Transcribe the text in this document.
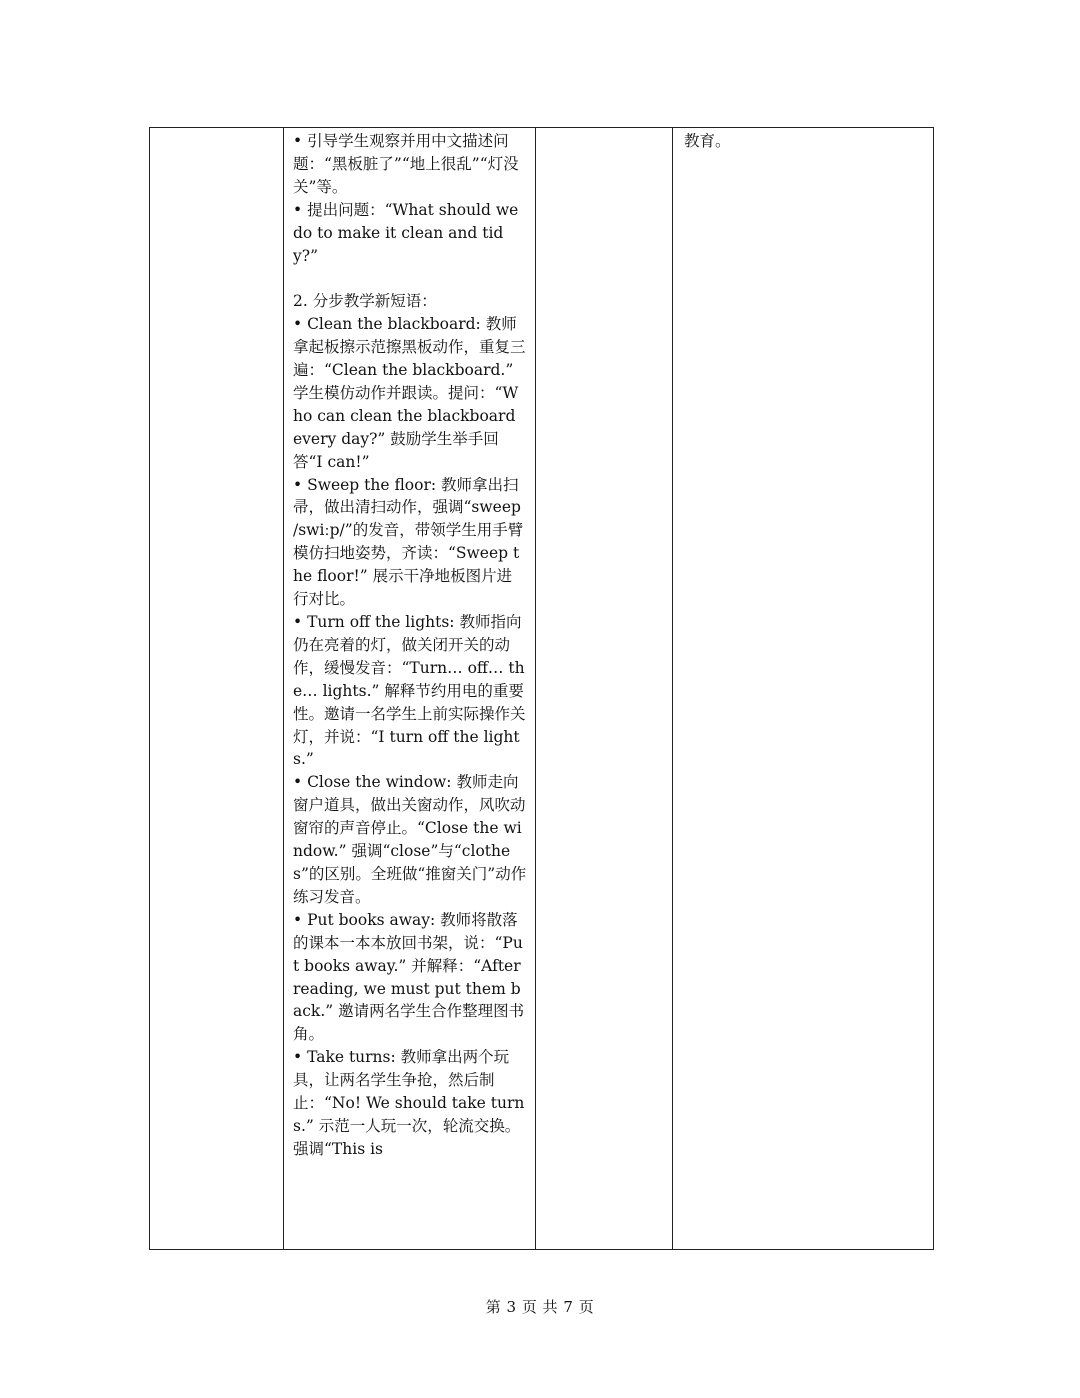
• 引导学生观察并用中文描述问题：“黑板脏了”“地上很乱”“灯没关”等。

• 提出问题：“What should we do to make it clean and tidy?”

2. 分步教学新短语：

• Clean the blackboard: 教师拿起板擦示范擦黑板动作，重复三遍：“Clean the blackboard.” 学生模仿动作并跟读。提问：“Who can clean the blackboard every day?” 鼓励学生举手回答“I can!”

• Sweep the floor: 教师拿出扫帚，做出清扫动作，强调“sweep /swiːp/”的发音，带领学生用手臂模仿扫地姿势，齐读：“Sweep the floor!” 展示干净地板图片进行对比。

• Turn off the lights: 教师指向仍在亮着的灯，做关闭开关的动作，缓慢发音：“Turn… off… the… lights.” 解释节约用电的重要性。邀请一名学生上前实际操作关灯，并说：“I turn off the lights.”

• Close the window: 教师走向窗户道具，做出关窗动作，风吹动窗帘的声音停止。“Close the window.” 强调“close”与“clothes”的区别。全班做“推窗关门”动作练习发音。

• Put books away: 教师将散落的课本一本本放回书架，说：“Put books away.” 并解释：“After reading, we must put them back.” 邀请两名学生合作整理图书角。

• Take turns: 教师拿出两个玩具，让两名学生争抢，然后制止：“No! We should take turns.” 示范一人玩一次，轮流交换。强调“This is

教育。
第 3 页 共 7 页
